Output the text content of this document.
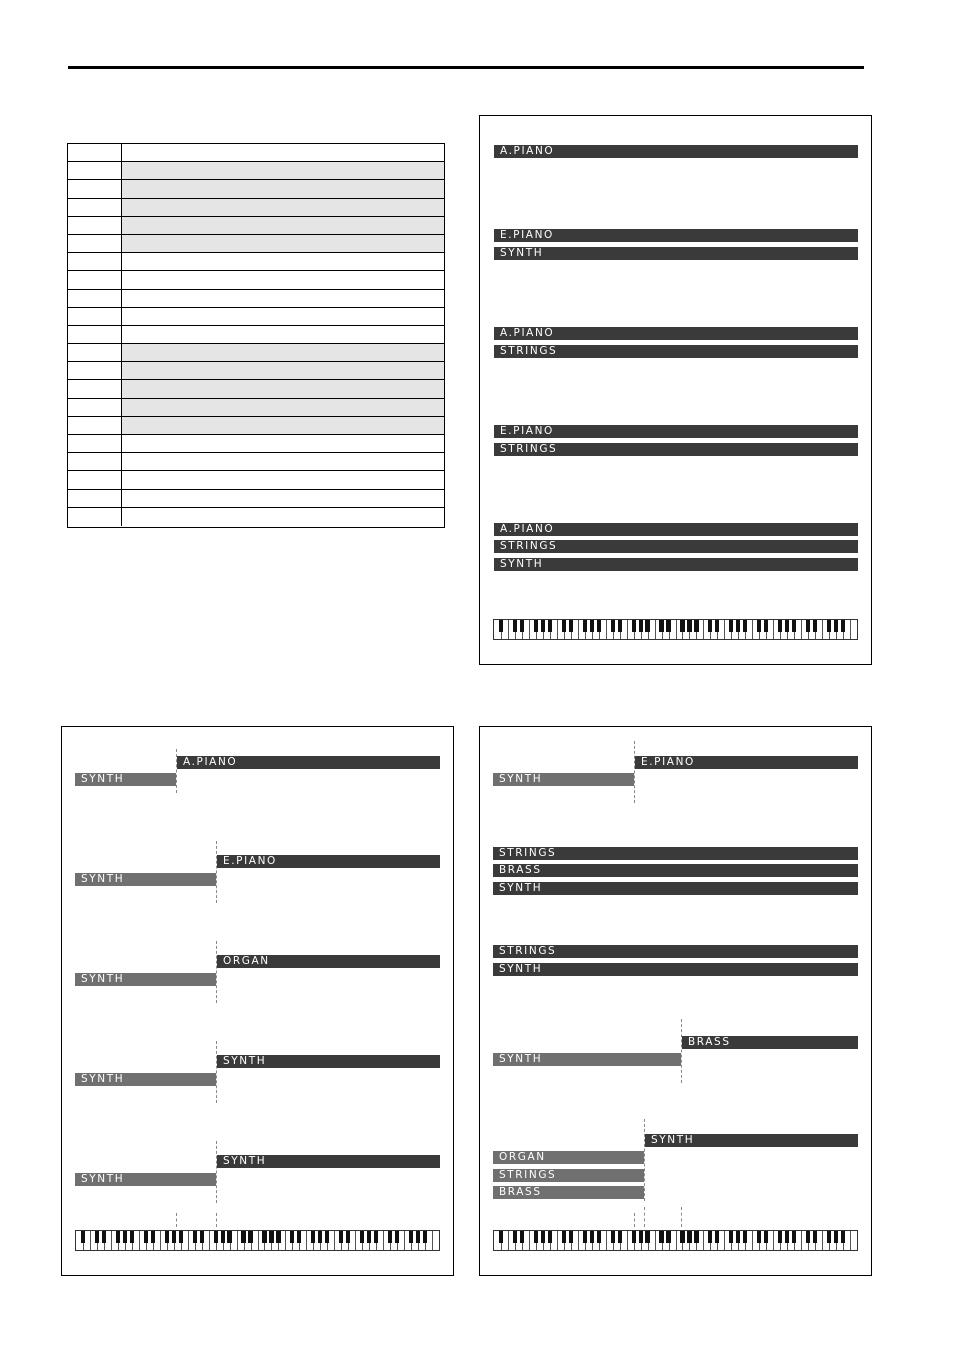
A.PIANO
E.PIANO
SYNTH
A.PIANO
STRINGS
E.PIANO
STRINGS
A.PIANO
STRINGS
SYNTH
A.PIANO
SYNTH
E.PIANO
SYNTH
ORGAN
SYNTH
SYNTH
SYNTH
SYNTH
SYNTH
E.PIANO
SYNTH
STRINGS
BRASS
SYNTH
STRINGS
SYNTH
BRASS
SYNTH
SYNTH
ORGAN
STRINGS
BRASS
